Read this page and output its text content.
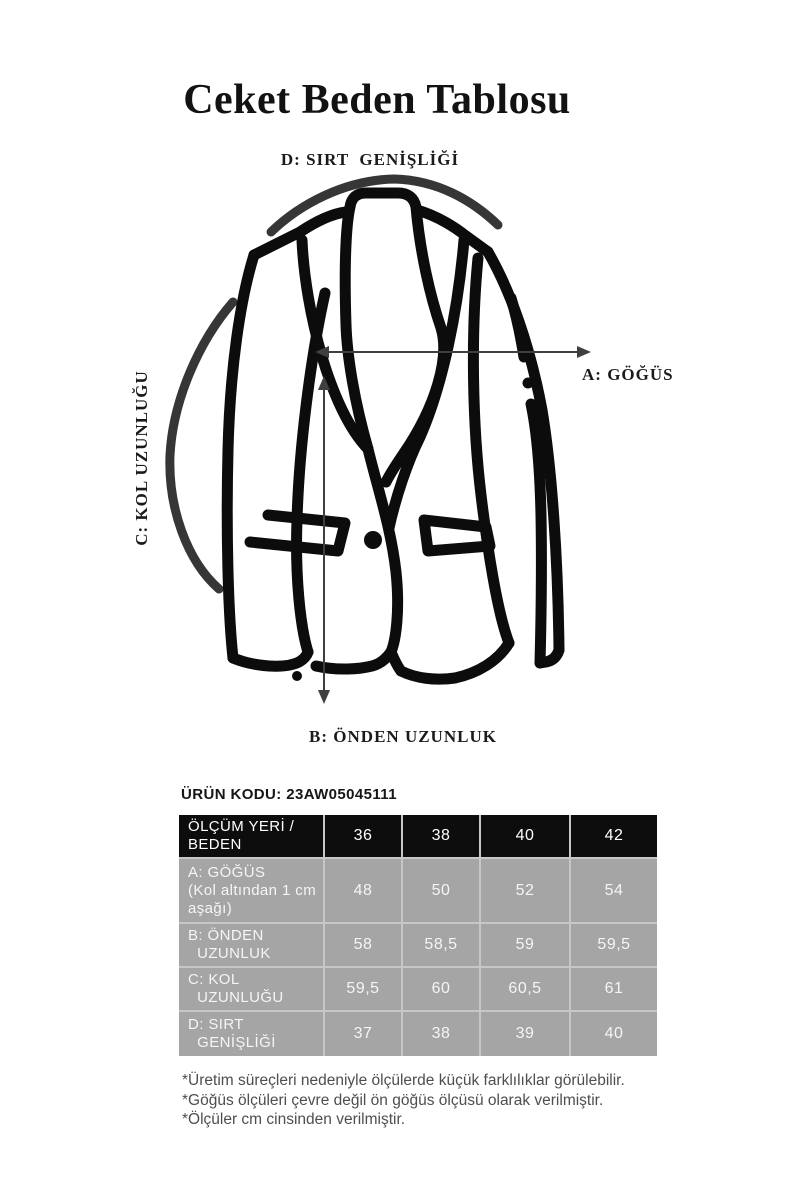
Ceket Beden Tablosu
D: SIRT  GENİŞLİĞİ
A: GÖĞÜS
C: KOL UZUNLUĞU
B: ÖNDEN UZUNLUK
ÜRÜN KODU: 23AW05045111
ÖLÇÜM YERİ /
BEDEN	36	38	40	42

A: GÖĞÜS
(Kol altından 1 cm
aşağı)	48	50	52	54

B: ÖNDEN
UZUNLUK	58	58,5	59	59,5

C: KOL
UZUNLUĞU	59,5	60	60,5	61

D: SIRT
GENİŞLİĞİ	37	38	39	40
*Üretim süreçleri nedeniyle ölçülerde küçük farklılıklar görülebilir.
*Göğüs ölçüleri çevre değil ön göğüs ölçüsü olarak verilmiştir.
*Ölçüler cm cinsinden verilmiştir.
